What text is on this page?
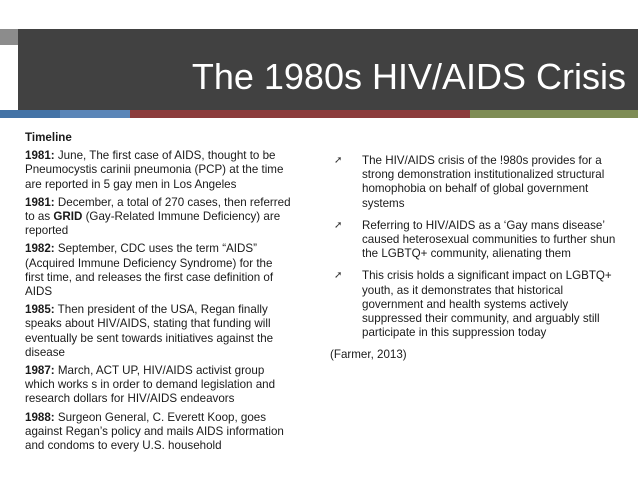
The 1980s HIV/AIDS Crisis
Timeline
1981: June, The first case of AIDS, thought to be Pneumocystis carinii pneumonia (PCP) at the time are reported in 5 gay men in Los Angeles
1981: December, a total of 270 cases, then referred to as GRID (Gay-Related Immune Deficiency) are reported
1982: September, CDC uses the term “AIDS” (Acquired Immune Deficiency Syndrome) for the first time, and releases the first case definition of AIDS
1985: Then president of the USA, Regan finally speaks about HIV/AIDS, stating that funding will eventually be sent towards initiatives against the disease
1987: March, ACT UP, HIV/AIDS activist group which works s in order to demand legislation and research dollars for HIV/AIDS endeavors
1988: Surgeon General, C. Everett Koop, goes against Regan’s policy and mails AIDS information and condoms to every U.S. household
➚ The HIV/AIDS crisis of the !980s provides for a strong demonstration institutionalized structural homophobia on behalf of global government systems
➚ Referring to HIV/AIDS as a ‘Gay mans disease’ caused heterosexual communities to further shun the LGBTQ+ community, alienating them
➚ This crisis holds a significant impact on LGBTQ+ youth, as it demonstrates that historical government and health systems actively suppressed their community, and arguably still participate in this suppression today
(Farmer, 2013)
